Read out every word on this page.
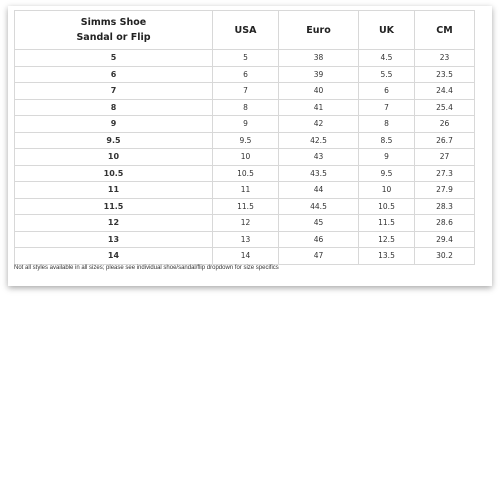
Simms Shoe
Sandal or Flip	USA	Euro	UK	CM
5	5	38	4.5	23
6	6	39	5.5	23.5
7	7	40	6	24.4
8	8	41	7	25.4
9	9	42	8	26
9.5	9.5	42.5	8.5	26.7
10	10	43	9	27
10.5	10.5	43.5	9.5	27.3
11	11	44	10	27.9
11.5	11.5	44.5	10.5	28.3
12	12	45	11.5	28.6
13	13	46	12.5	29.4
14	14	47	13.5	30.2
Not all styles available in all sizes; please see individual shoe/sandal/flip dropdown for size specifics
